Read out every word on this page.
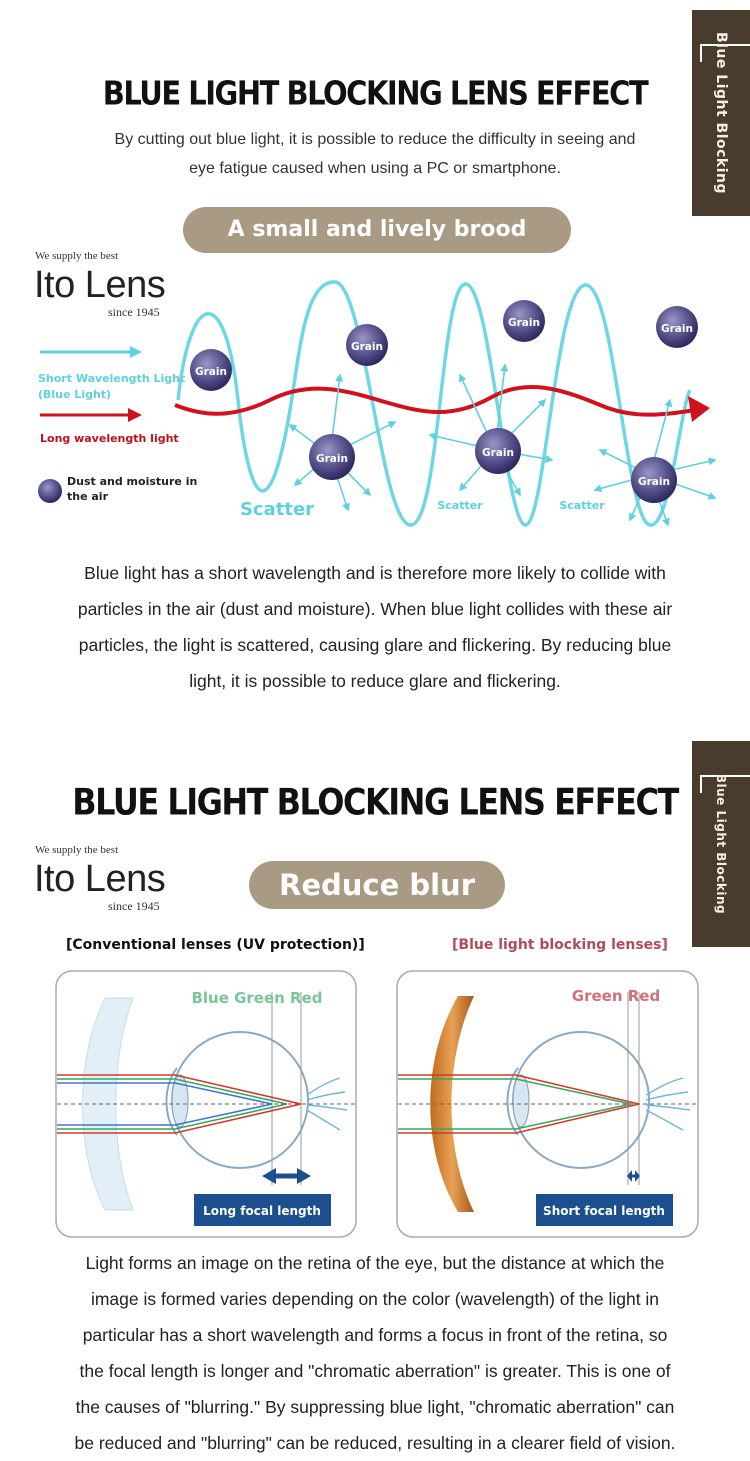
Blue Light Blocking
BLUE LIGHT BLOCKING LENS EFFECT
By cutting out blue light, it is possible to reduce the difficulty in seeing and
eye fatigue caused when using a PC or smartphone.
A small and lively brood
We supply the best
Ito Lens
since 1945
Short Wavelength Light
(Blue Light)
Long wavelength light
Dust and moisture in
the air
Grain
Grain
Grain	Grain
Grain	Grain
Grain
Scatter	Scatter	Scatter
Blue light has a short wavelength and is therefore more likely to collide with
particles in the air (dust and moisture). When blue light collides with these air
particles, the light is scattered, causing glare and flickering. By reducing blue
light, it is possible to reduce glare and flickering.
Blue Light Blocking
BLUE LIGHT BLOCKING LENS EFFECT
We supply the best
Ito Lens
since 1945
Reduce blur
[Conventional lenses (UV protection)]	[Blue light blocking lenses]
Blue Green Red
Long focal length
Green Red
Short focal length
Light forms an image on the retina of the eye, but the distance at which the
image is formed varies depending on the color (wavelength) of the light in
particular has a short wavelength and forms a focus in front of the retina, so
the focal length is longer and "chromatic aberration" is greater. This is one of
the causes of "blurring." By suppressing blue light, "chromatic aberration" can
be reduced and "blurring" can be reduced, resulting in a clearer field of vision.
